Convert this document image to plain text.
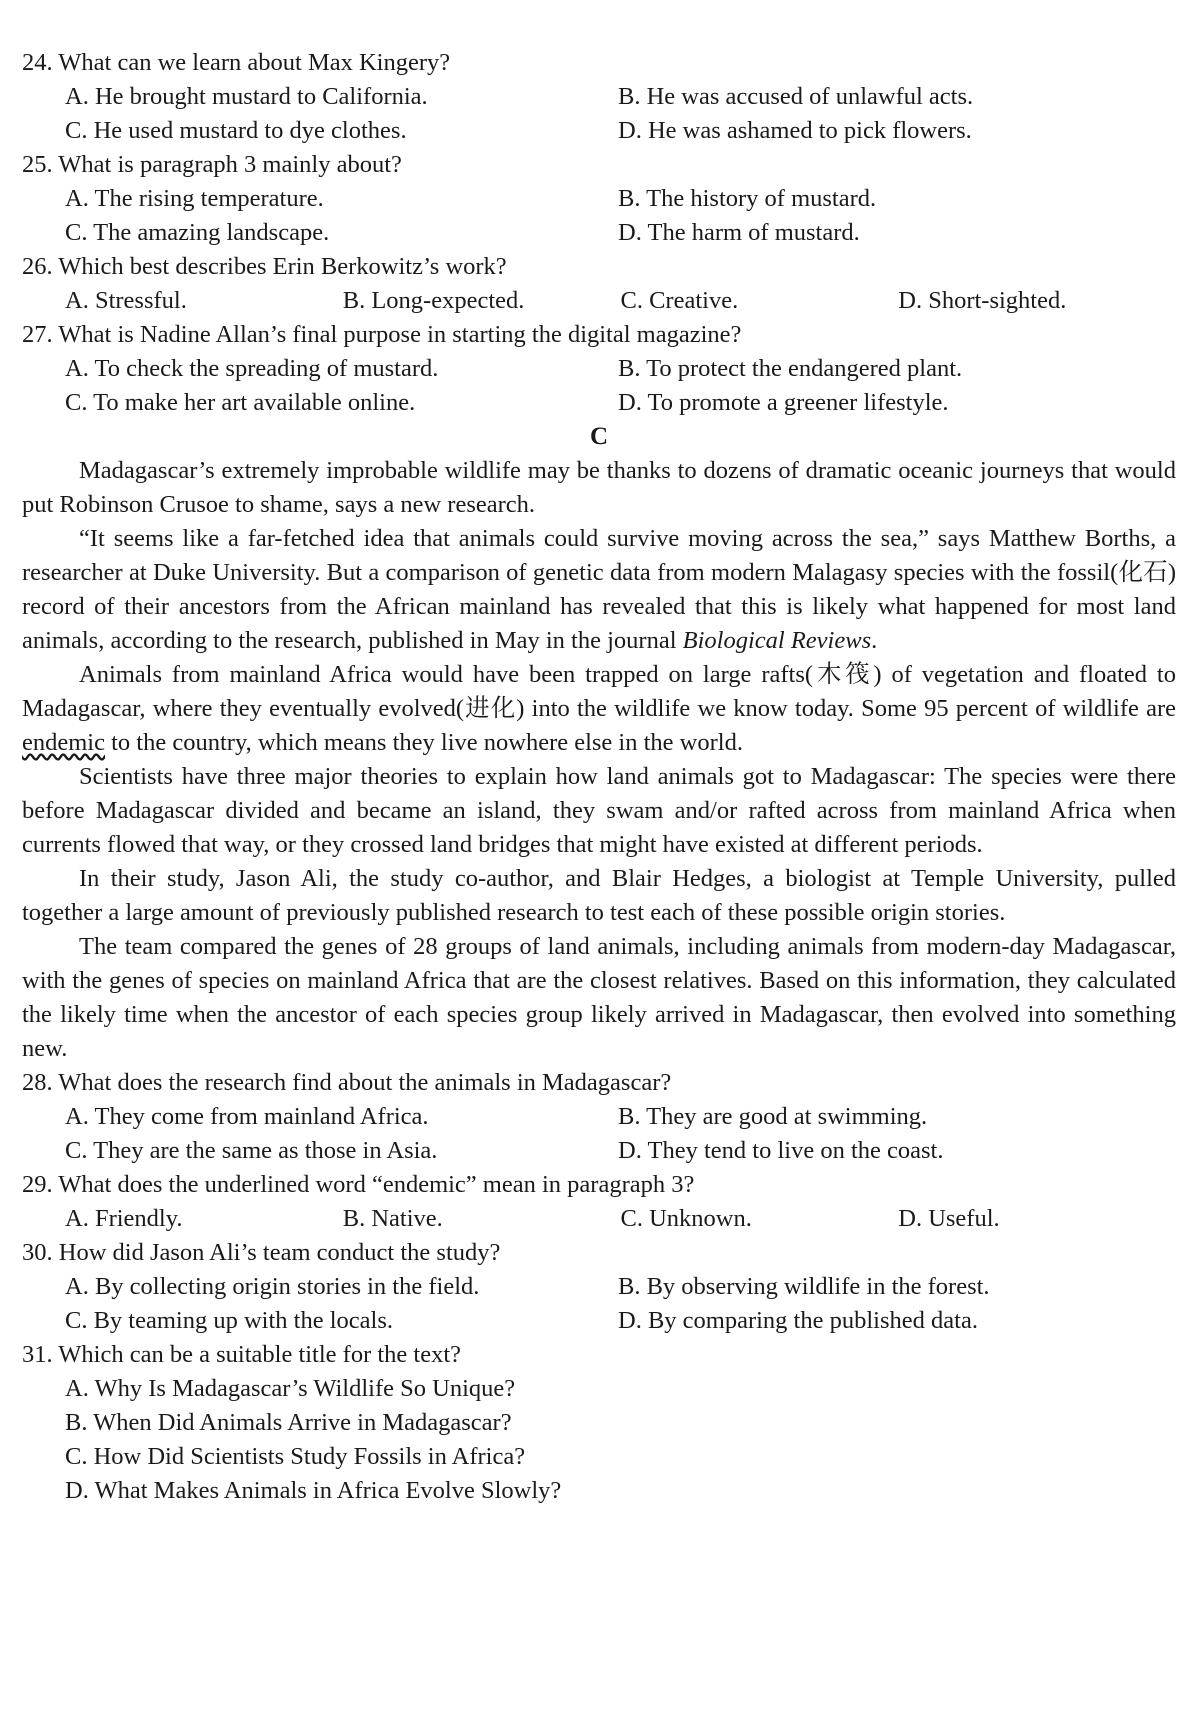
24. What can we learn about Max Kingery?
A. He brought mustard to California.	B. He was accused of unlawful acts.
C. He used mustard to dye clothes.	D. He was ashamed to pick flowers.
25. What is paragraph 3 mainly about?
A. The rising temperature.	B. The history of mustard.
C. The amazing landscape.	D. The harm of mustard.
26. Which best describes Erin Berkowitz’s work?
A. Stressful.	B. Long-expected.	C. Creative.	D. Short-sighted.
27. What is Nadine Allan’s final purpose in starting the digital magazine?
A. To check the spreading of mustard.	B. To protect the endangered plant.
C. To make her art available online.	D. To promote a greener lifestyle.
C

Madagascar’s extremely improbable wildlife may be thanks to dozens of dramatic oceanic journeys that would put Robinson Crusoe to shame, says a new research.

“It seems like a far-fetched idea that animals could survive moving across the sea,” says Matthew Borths, a researcher at Duke University. But a comparison of genetic data from modern Malagasy species with the fossil(化石) record of their ancestors from the African mainland has revealed that this is likely what happened for most land animals, according to the research, published in May in the journal Biological Reviews.

Animals from mainland Africa would have been trapped on large rafts(木筏) of vegetation and floated to Madagascar, where they eventually evolved(进化) into the wildlife we know today. Some 95 percent of wildlife are endemic to the country, which means they live nowhere else in the world.

Scientists have three major theories to explain how land animals got to Madagascar: The species were there before Madagascar divided and became an island, they swam and/or rafted across from mainland Africa when currents flowed that way, or they crossed land bridges that might have existed at different periods.

In their study, Jason Ali, the study co-author, and Blair Hedges, a biologist at Temple University, pulled together a large amount of previously published research to test each of these possible origin stories.

The team compared the genes of 28 groups of land animals, including animals from modern-day Madagascar, with the genes of species on mainland Africa that are the closest relatives. Based on this information, they calculated the likely time when the ancestor of each species group likely arrived in Madagascar, then evolved into something new.

28. What does the research find about the animals in Madagascar?
A. They come from mainland Africa.	B. They are good at swimming.
C. They are the same as those in Asia.	D. They tend to live on the coast.
29. What does the underlined word “endemic” mean in paragraph 3?
A. Friendly.	B. Native.	C. Unknown.	D. Useful.
30. How did Jason Ali’s team conduct the study?
A. By collecting origin stories in the field.	B. By observing wildlife in the forest.
C. By teaming up with the locals.	D. By comparing the published data.
31. Which can be a suitable title for the text?
A. Why Is Madagascar’s Wildlife So Unique?
B. When Did Animals Arrive in Madagascar?
C. How Did Scientists Study Fossils in Africa?
D. What Makes Animals in Africa Evolve Slowly?
